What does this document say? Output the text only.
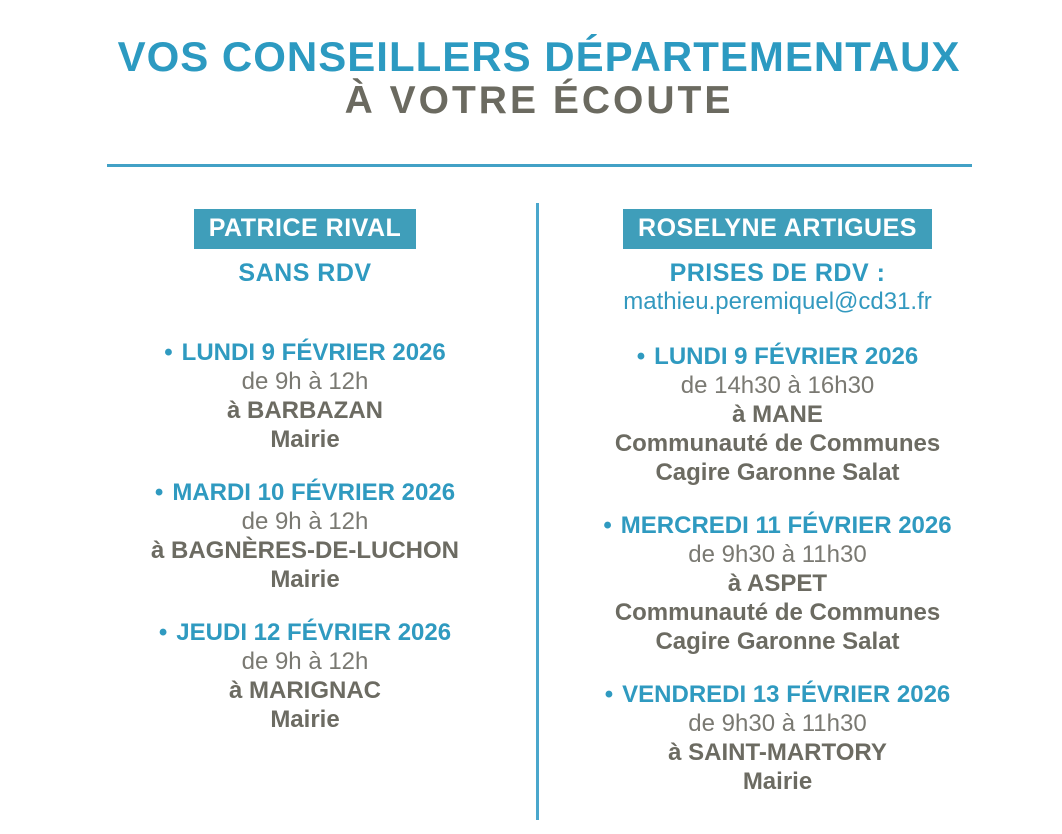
VOS CONSEILLERS DÉPARTEMENTAUX
À VOTRE ÉCOUTE
PATRICE RIVAL
SANS RDV
• LUNDI 9 FÉVRIER 2026
de 9h à 12h
à BARBAZAN
Mairie
• MARDI 10 FÉVRIER 2026
de 9h à 12h
à BAGNÈRES-DE-LUCHON
Mairie
• JEUDI 12 FÉVRIER 2026
de 9h à 12h
à MARIGNAC
Mairie
ROSELYNE ARTIGUES
PRISES DE RDV :
mathieu.peremiquel@cd31.fr
• LUNDI 9 FÉVRIER 2026
de 14h30 à 16h30
à MANE
Communauté de Communes
Cagire Garonne Salat
• MERCREDI 11 FÉVRIER 2026
de 9h30 à 11h30
à ASPET
Communauté de Communes
Cagire Garonne Salat
• VENDREDI 13 FÉVRIER 2026
de 9h30 à 11h30
à SAINT-MARTORY
Mairie
